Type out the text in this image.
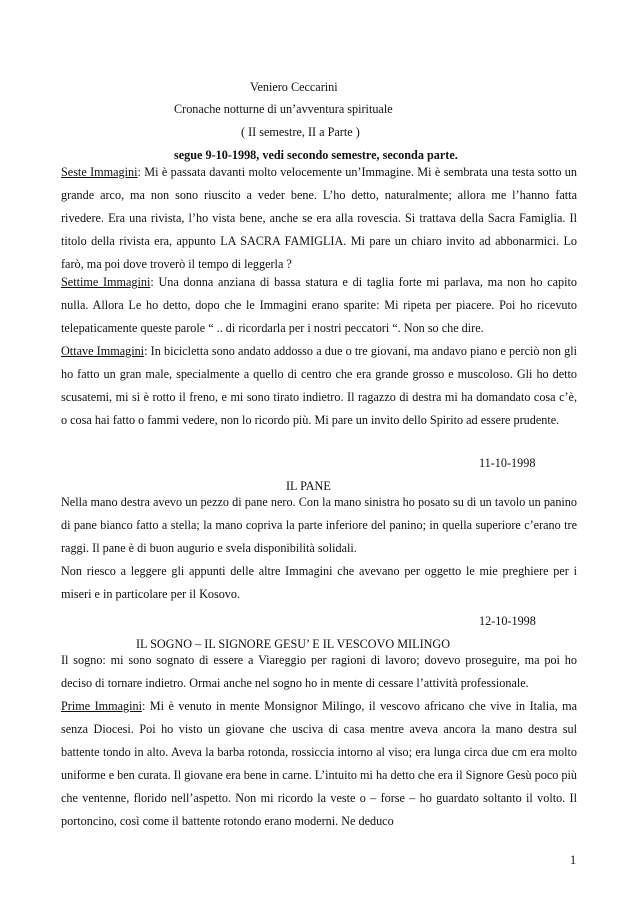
Veniero Ceccarini
Cronache notturne di un’avventura spirituale
( II semestre, II a Parte )
segue 9-10-1998, vedi secondo semestre, seconda parte.

Seste Immagini: Mi è passata davanti molto velocemente un’Immagine. Mi è sembrata una testa sotto un grande arco, ma non sono riuscito a veder bene. L’ho detto, naturalmente; allora me l’hanno fatta rivedere. Era una rivista, l’ho vista bene, anche se era alla rovescia. Si trattava della Sacra Famiglia. Il titolo della rivista era, appunto LA SACRA FAMIGLIA. Mi pare un chiaro invito ad abbonarmici. Lo farò, ma poi dove troverò il tempo di leggerla ?

Settime Immagini: Una donna anziana di bassa statura e di taglia forte mi parlava, ma non ho capito nulla. Allora Le ho detto, dopo che le Immagini erano sparite: Mi ripeta per piacere. Poi ho ricevuto telepaticamente queste parole “ .. di ricordarla per i nostri peccatori “. Non so che dire.

Ottave Immagini: In bicicletta sono andato addosso a due o tre giovani, ma andavo piano e perciò non gli ho fatto un gran male, specialmente a quello di centro che era grande grosso e muscoloso. Gli ho detto scusatemi, mi si è rotto il freno, e mi sono tirato indietro. Il ragazzo di destra mi ha domandato cosa c’è, o cosa hai fatto o fammi vedere, non lo ricordo più. Mi pare un invito dello Spirito ad essere prudente.

11-10-1998
IL PANE

Nella mano destra avevo un pezzo di pane nero. Con la mano sinistra ho posato su di un tavolo un panino di pane bianco fatto a stella; la mano copriva la parte inferiore del panino; in quella superiore c’erano tre raggi. Il pane è di buon augurio e svela disponibilità solidali.

Non riesco a leggere gli appunti delle altre Immagini che avevano per oggetto le mie preghiere per i miseri e in particolare per il Kosovo.

12-10-1998
IL SOGNO – IL SIGNORE GESU’ E IL VESCOVO MILINGO

Il sogno: mi sono sognato di essere a Viareggio per ragioni di lavoro; dovevo proseguire, ma poi ho deciso di tornare indietro. Ormai anche nel sogno ho in mente di cessare l’attività professionale.

Prime Immagini: Mi è venuto in mente Monsignor Milingo, il vescovo africano che vive in Italia, ma senza Diocesi. Poi ho visto un giovane che usciva di casa mentre aveva ancora la mano destra sul battente tondo in alto. Aveva la barba rotonda, rossiccia intorno al viso; era lunga circa due cm era molto uniforme e ben curata. Il giovane era bene in carne. L’intuito mi ha detto che era il Signore Gesù poco più che ventenne, florido nell’aspetto. Non mi ricordo la veste o – forse – ho guardato soltanto il volto. Il portoncino, così come il battente rotondo erano moderni. Ne deduco

1
